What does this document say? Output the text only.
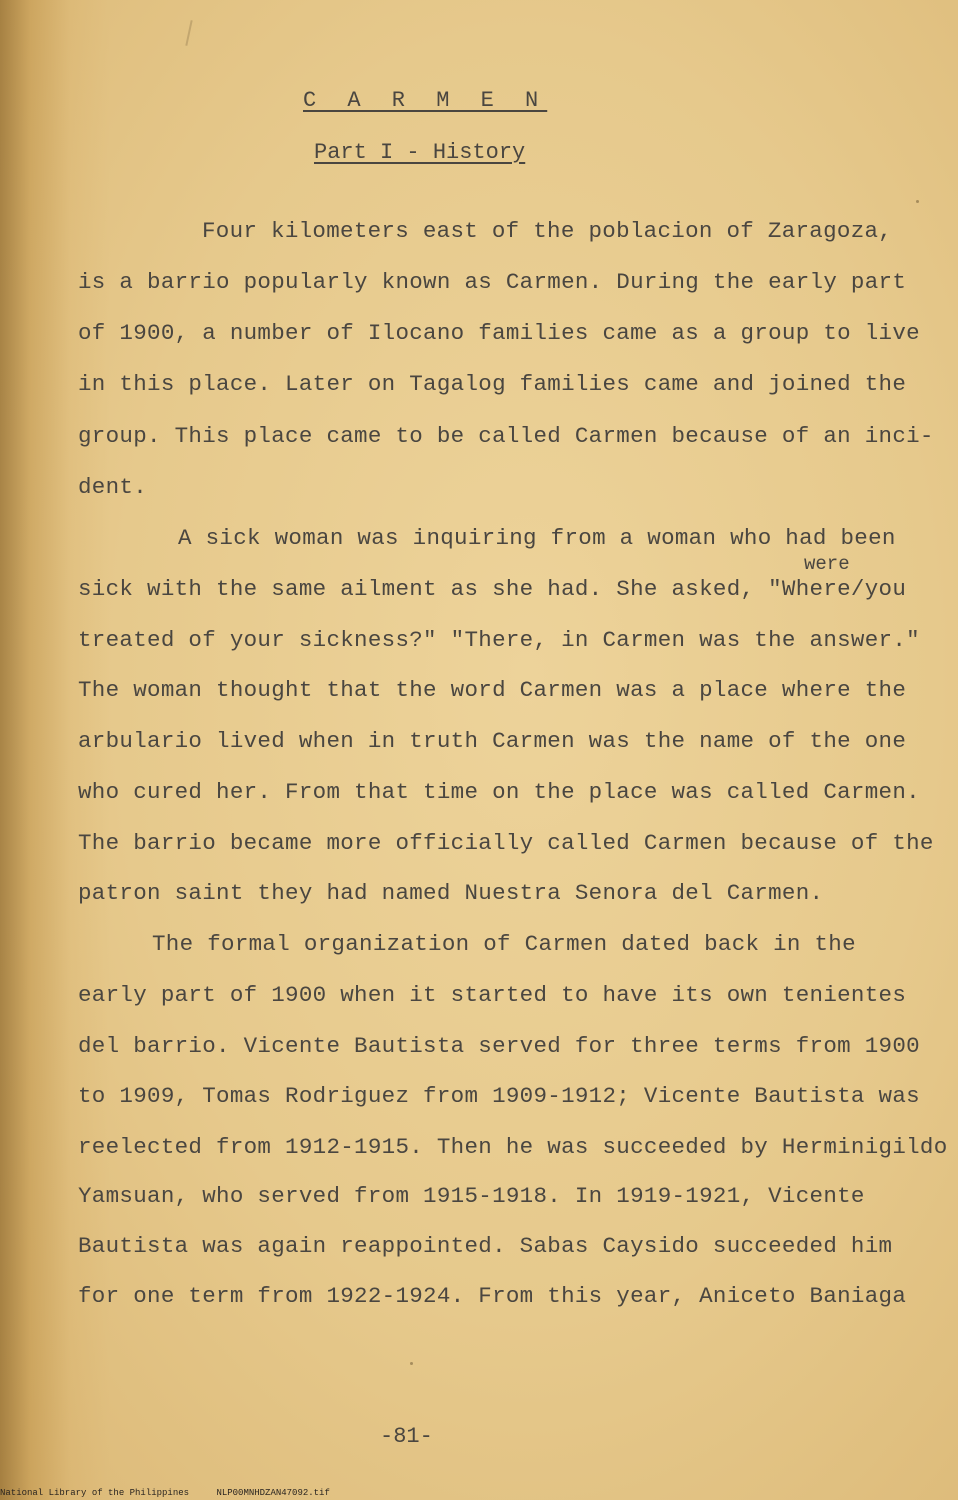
C A R M E N
Part I - History
Four kilometers east of the poblacion of Zaragoza,
is a barrio popularly known as Carmen. During the early part
of 1900, a number of Ilocano families came as a group to live
in this place. Later on Tagalog families came and joined the
group. This place came to be called Carmen because of an inci-
dent.
A sick woman was inquiring from a woman who had been
were
sick with the same ailment as she had. She asked, "Where/you
treated of your sickness?" "There, in Carmen was the answer."
The woman thought that the word Carmen was a place where the
arbulario lived when in truth Carmen was the name of the one
who cured her. From that time on the place was called Carmen.
The barrio became more officially called Carmen because of the
patron saint they had named Nuestra Senora del Carmen.
The formal organization of Carmen dated back in the
early part of 1900 when it started to have its own tenientes
del barrio. Vicente Bautista served for three terms from 1900
to 1909, Tomas Rodriguez from 1909-1912; Vicente Bautista was
reelected from 1912-1915. Then he was succeeded by Herminigildo
Yamsuan, who served from 1915-1918. In 1919-1921, Vicente
Bautista was again reappointed. Sabas Caysido succeeded him
for one term from 1922-1924. From this year, Aniceto Baniaga
-81-
National Library of the Philippines	NLP00MNHDZAN47092.tif
